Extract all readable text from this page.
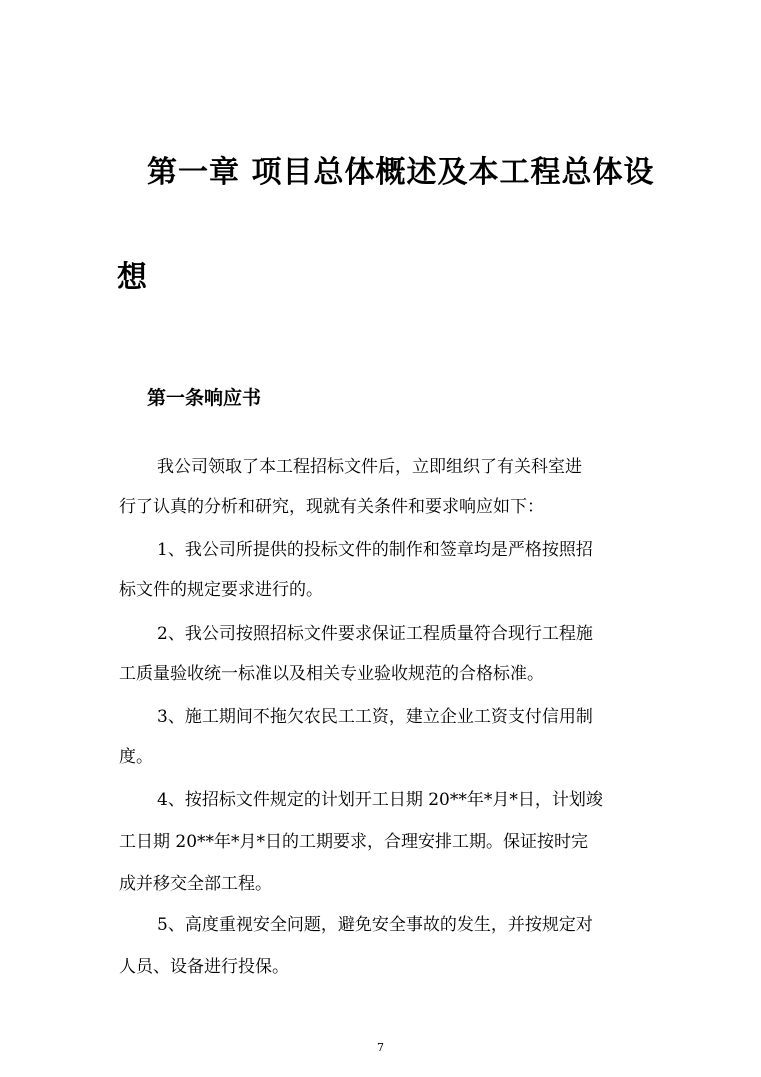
第一章 项目总体概述及本工程总体设
想
第一条响应书
我公司领取了本工程招标文件后，立即组织了有关科室进
行了认真的分析和研究，现就有关条件和要求响应如下：
1、我公司所提供的投标文件的制作和签章均是严格按照招
标文件的规定要求进行的。
2、我公司按照招标文件要求保证工程质量符合现行工程施
工质量验收统一标准以及相关专业验收规范的合格标准。
3、施工期间不拖欠农民工工资，建立企业工资支付信用制
度。
4、按招标文件规定的计划开工日期 20**年*月*日，计划竣
工日期 20**年*月*日的工期要求，合理安排工期。保证按时完
成并移交全部工程。
5、高度重视安全问题，避免安全事故的发生，并按规定对
人员、设备进行投保。
7
